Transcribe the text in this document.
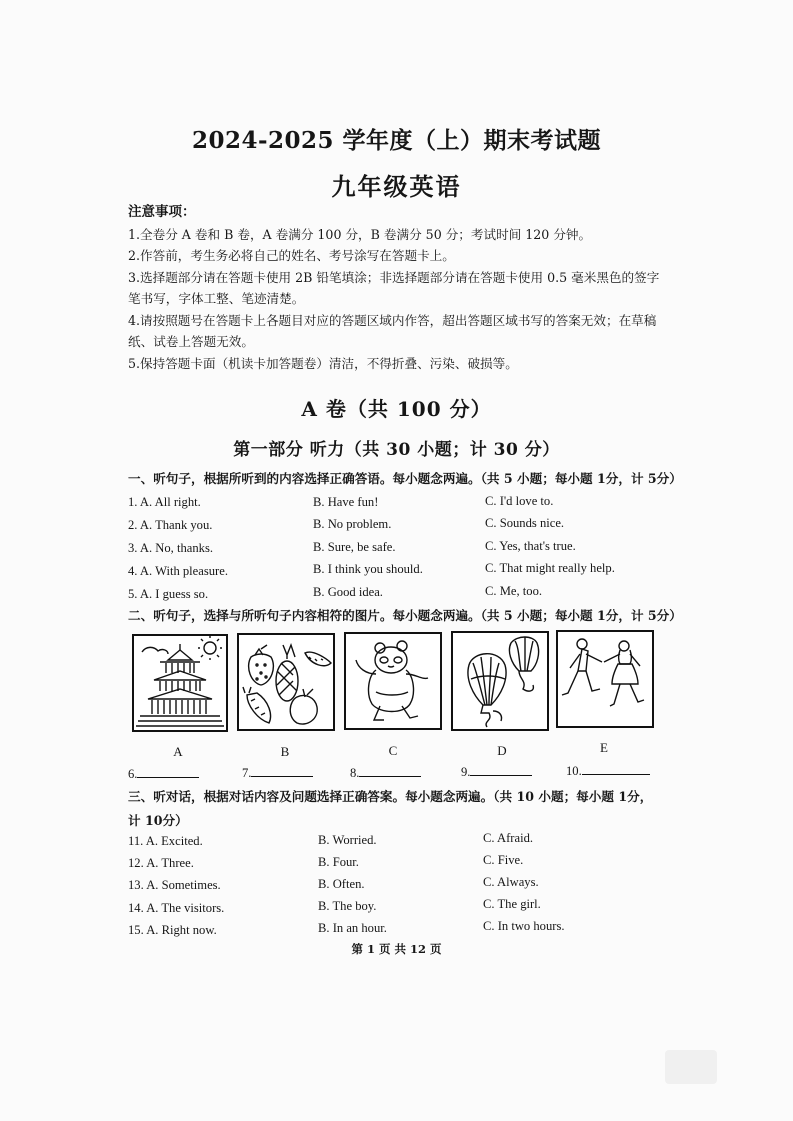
2024-2025 学年度（上）期末考试题
九年级英语

注意事项：

1.全卷分 A 卷和 B 卷，A 卷满分 100 分，B 卷满分 50 分；考试时间 120 分钟。

2.作答前，考生务必将自己的姓名、考号涂写在答题卡上。

3.选择题部分请在答题卡使用 2B 铅笔填涂；非选择题部分请在答题卡使用 0.5 毫米黑色的签字笔书写，字体工整、笔迹清楚。

4.请按照题号在答题卡上各题目对应的答题区域内作答，超出答题区域书写的答案无效；在草稿纸、试卷上答题无效。

5.保持答题卡面（机读卡加答题卷）清洁，不得折叠、污染、破损等。

A 卷（共 100 分）
第一部分 听力（共 30 小题；计 30 分）
一、听句子，根据所听到的内容选择正确答语。每小题念两遍。（共 5 小题；每小题 1分，计 5分）
1. A. All right.	B. Have fun!	C. I'd love to.
2. A. Thank you.	B. No problem.	C. Sounds nice.
3. A. No, thanks.	B. Sure, be safe.	C. Yes, that's true.
4. A. With pleasure.	B. I think you should.	C. That might really help.
5. A. I guess so.	B. Good idea.	C. Me, too.
二、听句子，选择与所听句子内容相符的图片。每小题念两遍。（共 5 小题；每小题 1分，计 5分）
A	B	C	D	E
6.	7.	8.	9.	10.
三、听对话，根据对话内容及问题选择正确答案。每小题念两遍。（共 10 小题；每小题 1分，
计 10分）
11. A. Excited.	B. Worried.	C. Afraid.
12. A. Three.	B. Four.	C. Five.
13. A. Sometimes.	B. Often.	C. Always.
14. A. The visitors.	B. The boy.	C. The girl.
15. A. Right now.	B. In an hour.	C. In two hours.
第 1 页 共 12 页
